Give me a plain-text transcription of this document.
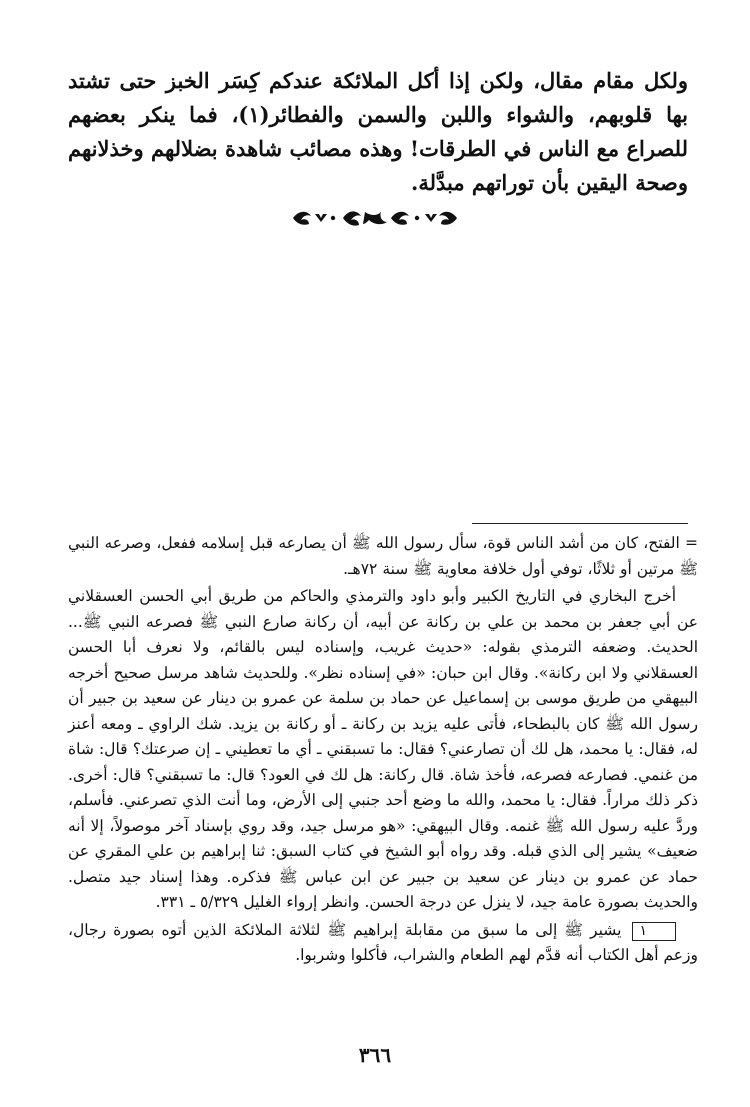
ولكل مقام مقال، ولكن إذا أكل الملائكة عندكم كِسَر الخبز حتى تشتد بها قلوبهم، والشواء واللبن والسمن والفطائر(١)، فما ينكر بعضهم للصراع مع الناس في الطرقات! وهذه مصائب شاهدة بضلالهم وخذلانهم وصحة اليقين بأن توراتهم مبدَّلة.

= الفتح، كان من أشد الناس قوة، سأل رسول الله ﷺ أن يصارعه قبل إسلامه ففعل، وصرعه النبي ﷺ مرتين أو ثلاثًا، توفي أول خلافة معاوية ﷺ سنة ٧٢هـ.

أخرج البخاري في التاريخ الكبير وأبو داود والترمذي والحاكم من طريق أبي الحسن العسقلاني عن أبي جعفر بن محمد بن علي بن ركانة عن أبيه، أن ركانة صارع النبي ﷺ فصرعه النبي ﷺ... الحديث. وضعفه الترمذي بقوله: «حديث غريب، وإسناده ليس بالقائم، ولا نعرف أبا الحسن العسقلاني ولا ابن ركانة». وقال ابن حبان: «في إسناده نظر». وللحديث شاهد مرسل صحيح أخرجه البيهقي من طريق موسى بن إسماعيل عن حماد بن سلمة عن عمرو بن دينار عن سعيد بن جبير أن رسول الله ﷺ كان بالبطحاء، فأتى عليه يزيد بن ركانة ـ أو ركانة بن يزيد. شك الراوي ـ ومعه أعنز له، فقال: يا محمد، هل لك أن تصارعني؟ فقال: ما تسبقني ـ أي ما تعطيني ـ إن صرعتك؟ قال: شاة من غنمي. فصارعه فصرعه، فأخذ شاة. قال ركانة: هل لك في العود؟ قال: ما تسبقني؟ قال: أخرى. ذكر ذلك مراراً. فقال: يا محمد، والله ما وضع أحد جنبي إلى الأرض، وما أنت الذي تصرعني. فأسلم، وردَّ عليه رسول الله ﷺ غنمه. وقال البيهقي: «هو مرسل جيد، وقد روي بإسناد آخر موصولاً، إلا أنه ضعيف» يشير إلى الذي قبله. وقد رواه أبو الشيخ في كتاب السبق: ثنا إبراهيم بن علي المقري عن حماد عن عمرو بن دينار عن سعيد بن جبير عن ابن عباس ﷺ فذكره. وهذا إسناد جيد متصل. والحديث بصورة عامة جيد، لا ينزل عن درجة الحسن. وانظر إرواء الغليل ٥/٣٢٩ ـ ٣٣١.

١ يشير ﷺ إلى ما سبق من مقابلة إبراهيم ﷺ لثلاثة الملائكة الذين أتوه بصورة رجال، وزعم أهل الكتاب أنه قدَّم لهم الطعام والشراب، فأكلوا وشربوا.

٣٦٦
